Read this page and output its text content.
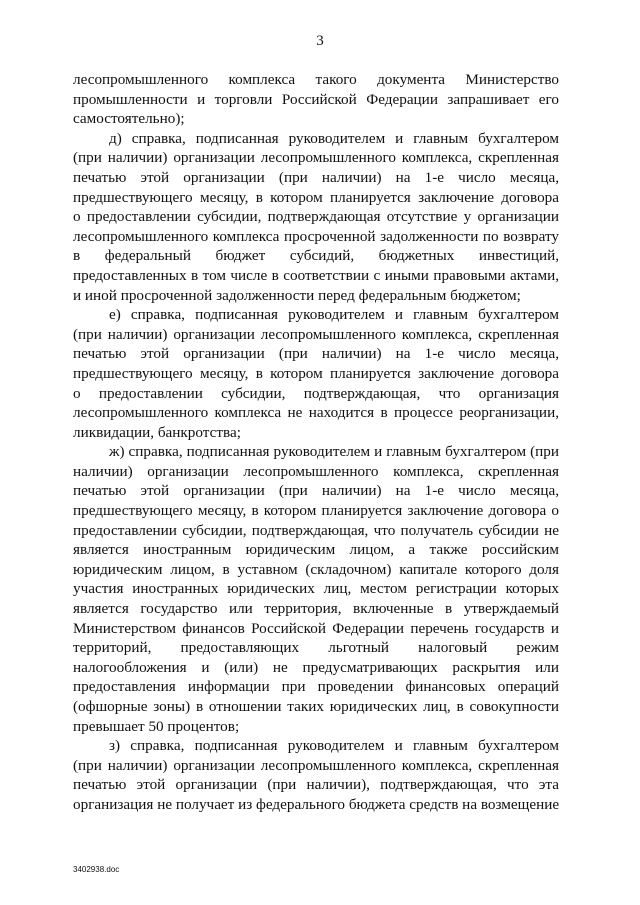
3
лесопромышленного комплекса такого документа Министерство
промышленности и торговли Российской Федерации запрашивает его
самостоятельно);
д) справка, подписанная руководителем и главным бухгалтером
(при наличии) организации лесопромышленного комплекса, скрепленная
печатью этой организации (при наличии) на 1-е число месяца,
предшествующего месяцу, в котором планируется заключение договора
о предоставлении субсидии, подтверждающая отсутствие у организации
лесопромышленного комплекса просроченной задолженности по возврату
в федеральный бюджет субсидий, бюджетных инвестиций,
предоставленных в том числе в соответствии с иными правовыми актами,
и иной просроченной задолженности перед федеральным бюджетом;
е) справка, подписанная руководителем и главным бухгалтером
(при наличии) организации лесопромышленного комплекса, скрепленная
печатью этой организации (при наличии) на 1-е число месяца,
предшествующего месяцу, в котором планируется заключение договора
о предоставлении субсидии, подтверждающая, что организация
лесопромышленного комплекса не находится в процессе реорганизации,
ликвидации, банкротства;
ж) справка, подписанная руководителем и главным бухгалтером (при
наличии) организации лесопромышленного комплекса, скрепленная
печатью этой организации (при наличии) на 1-е число месяца,
предшествующего месяцу, в котором планируется заключение договора о
предоставлении субсидии, подтверждающая, что получатель субсидии не
является иностранным юридическим лицом, а также российским
юридическим лицом, в уставном (складочном) капитале которого доля
участия иностранных юридических лиц, местом регистрации которых
является государство или территория, включенные в утверждаемый
Министерством финансов Российской Федерации перечень государств и
территорий, предоставляющих льготный налоговый режим
налогообложения и (или) не предусматривающих раскрытия или
предоставления информации при проведении финансовых операций
(офшорные зоны) в отношении таких юридических лиц, в совокупности
превышает 50 процентов;
з) справка, подписанная руководителем и главным бухгалтером
(при наличии) организации лесопромышленного комплекса, скрепленная
печатью этой организации (при наличии), подтверждающая, что эта
организация не получает из федерального бюджета средств на возмещение
3402938.doc
